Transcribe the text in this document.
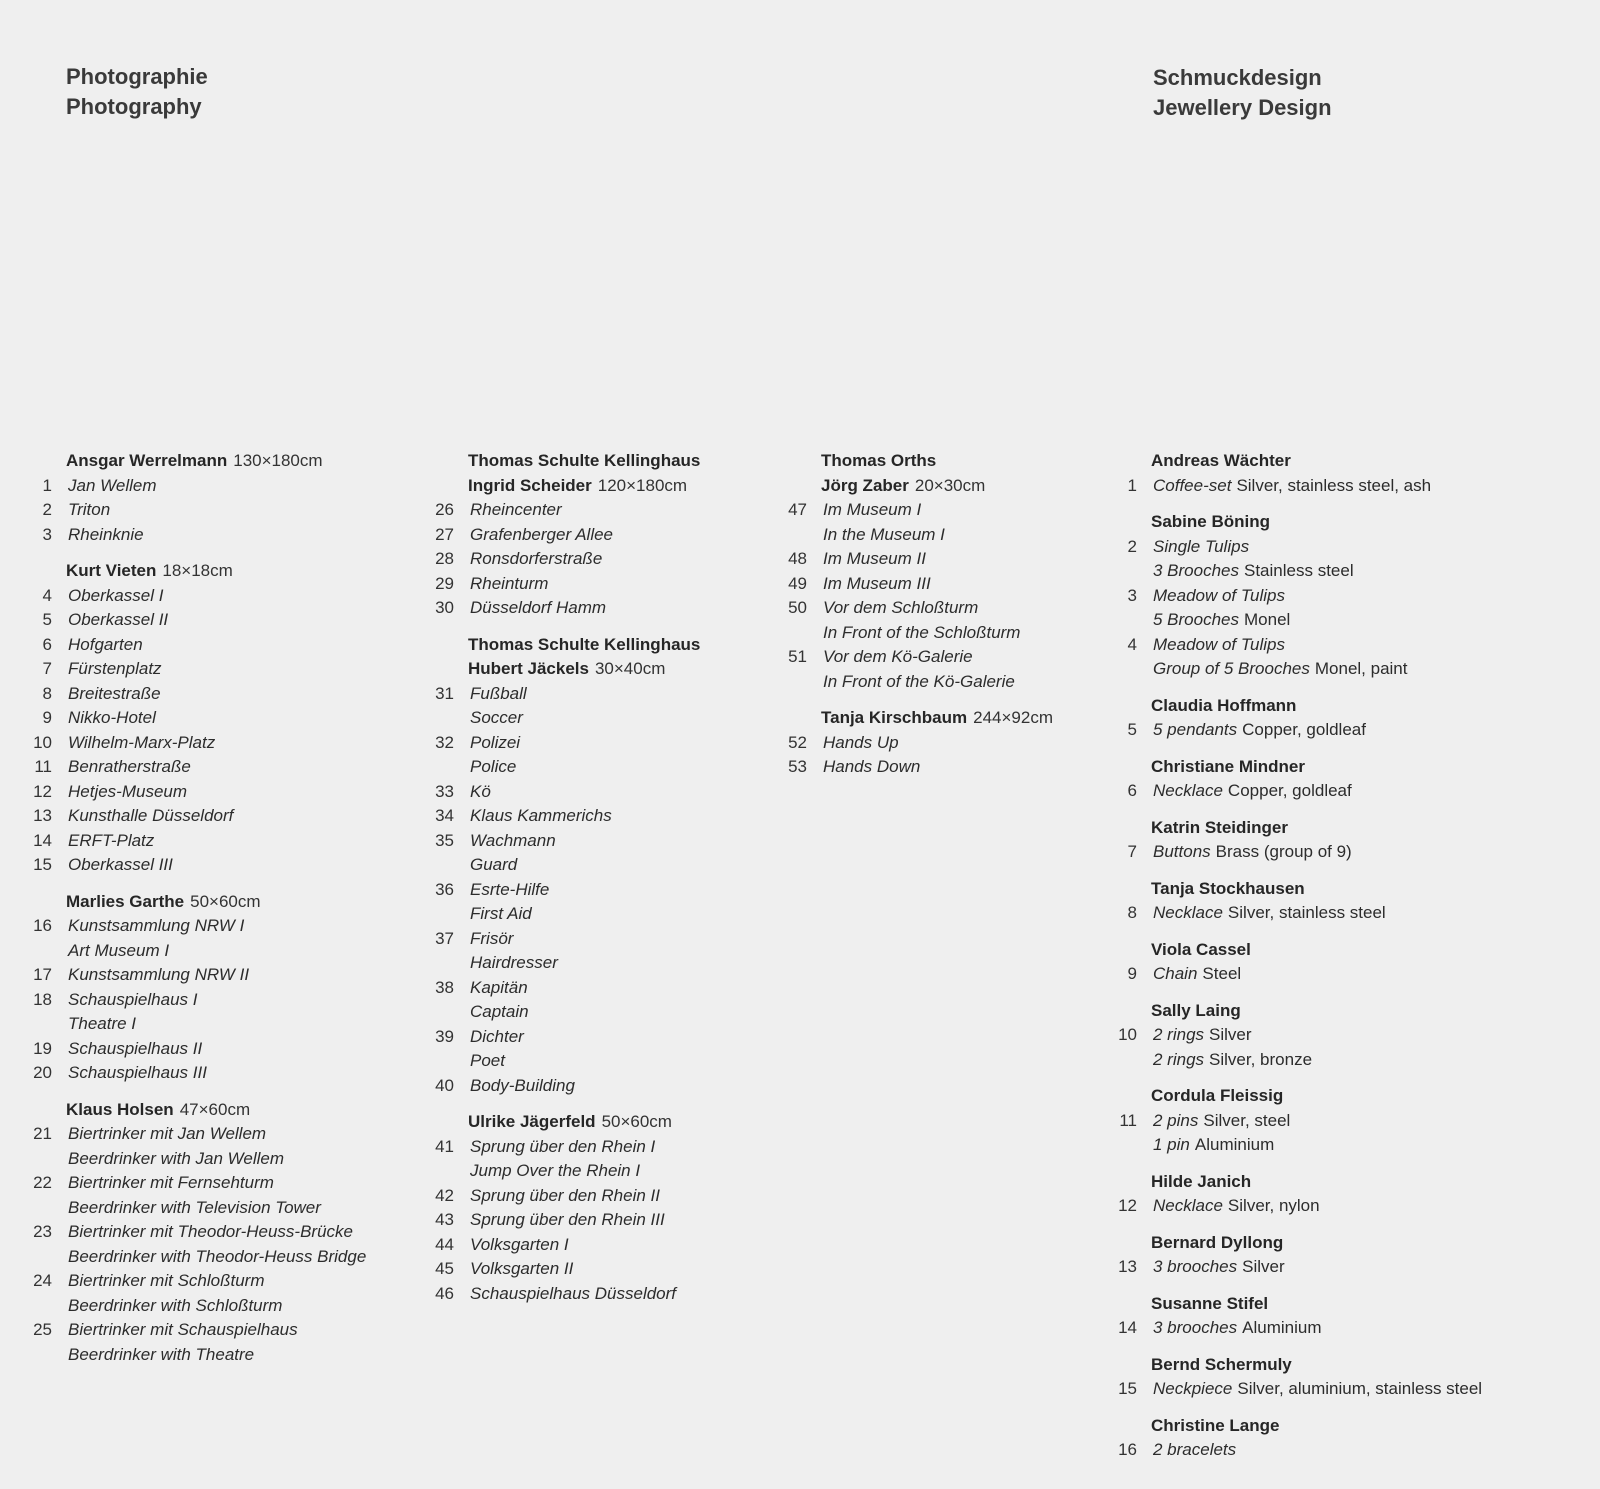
Photographie
Photography
Schmuckdesign
Jewellery Design
Ansgar Werrelmann 130×180cm
1 Jan Wellem
2 Triton
3 Rheinknie
Kurt Vieten 18×18cm
4 Oberkassel I
5 Oberkassel II
6 Hofgarten
7 Fürstenplatz
8 Breitestraße
9 Nikko-Hotel
10 Wilhelm-Marx-Platz
11 Benratherstraße
12 Hetjes-Museum
13 Kunsthalle Düsseldorf
14 ERFT-Platz
15 Oberkassel III
Marlies Garthe 50×60cm
16 Kunstsammlung NRW I
Art Museum I
17 Kunstsammlung NRW II
18 Schauspielhaus I
Theatre I
19 Schauspielhaus II
20 Schauspielhaus III
Klaus Holsen 47×60cm
21 Biertrinker mit Jan Wellem
Beerdrinker with Jan Wellem
22 Biertrinker mit Fernsehturm
Beerdrinker with Television Tower
23 Biertrinker mit Theodor-Heuss-Brücke
Beerdrinker with Theodor-Heuss Bridge
24 Biertrinker mit Schloßturm
Beerdrinker with Schloßturm
25 Biertrinker mit Schauspielhaus
Beerdrinker with Theatre
Thomas Schulte Kellinghaus
Ingrid Scheider 120×180cm
26 Rheincenter
27 Grafenberger Allee
28 Ronsdorferstraße
29 Rheinturm
30 Düsseldorf Hamm
Thomas Schulte Kellinghaus
Hubert Jäckels 30×40cm
31 Fußball
Soccer
32 Polizei
Police
33 Kö
34 Klaus Kammerichs
35 Wachmann
Guard
36 Esrte-Hilfe
First Aid
37 Frisör
Hairdresser
38 Kapitän
Captain
39 Dichter
Poet
40 Body-Building
Ulrike Jägerfeld 50×60cm
41 Sprung über den Rhein I
Jump Over the Rhein I
42 Sprung über den Rhein II
43 Sprung über den Rhein III
44 Volksgarten I
45 Volksgarten II
46 Schauspielhaus Düsseldorf
Thomas Orths
Jörg Zaber 20×30cm
47 Im Museum I
In the Museum I
48 Im Museum II
49 Im Museum III
50 Vor dem Schloßturm
In Front of the Schloßturm
51 Vor dem Kö-Galerie
In Front of the Kö-Galerie
Tanja Kirschbaum 244×92cm
52 Hands Up
53 Hands Down
Andreas Wächter
1 Coffee-set Silver, stainless steel, ash
Sabine Böning
2 Single Tulips
3 Brooches Stainless steel
3 Meadow of Tulips
5 Brooches Monel
4 Meadow of Tulips
Group of 5 Brooches Monel, paint
Claudia Hoffmann
5 5 pendants Copper, goldleaf
Christiane Mindner
6 Necklace Copper, goldleaf
Katrin Steidinger
7 Buttons Brass (group of 9)
Tanja Stockhausen
8 Necklace Silver, stainless steel
Viola Cassel
9 Chain Steel
Sally Laing
10 2 rings Silver
2 rings Silver, bronze
Cordula Fleissig
11 2 pins Silver, steel
1 pin Aluminium
Hilde Janich
12 Necklace Silver, nylon
Bernard Dyllong
13 3 brooches Silver
Susanne Stifel
14 3 brooches Aluminium
Bernd Schermuly
15 Neckpiece Silver, aluminium, stainless steel
Christine Lange
16 2 bracelets
